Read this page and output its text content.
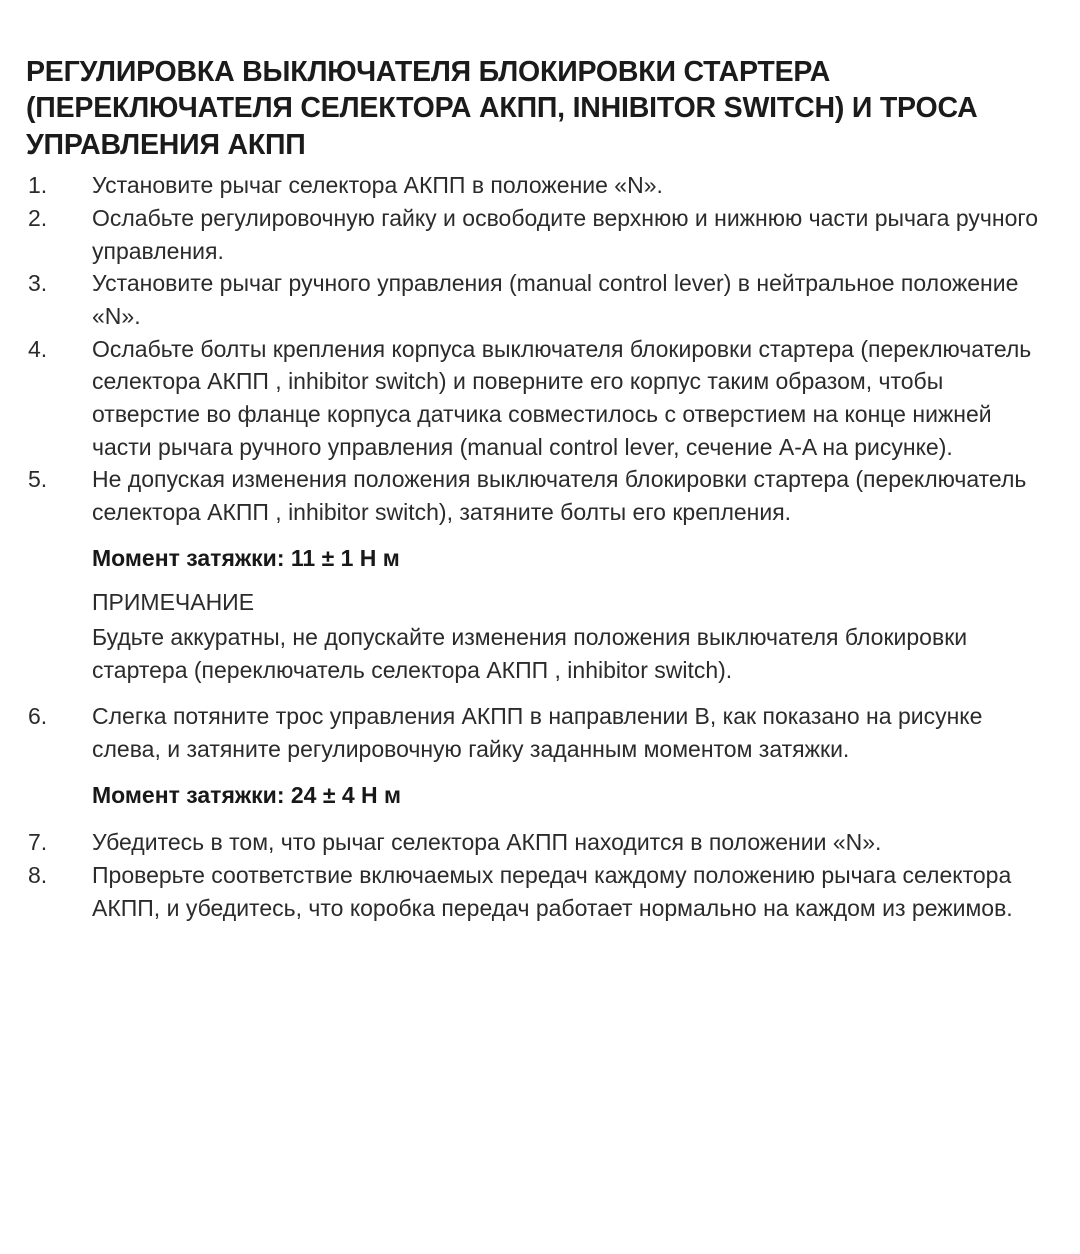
РЕГУЛИРОВКА ВЫКЛЮЧАТЕЛЯ БЛОКИРОВКИ СТАРТЕРА (ПЕРЕКЛЮЧАТЕЛЯ СЕЛЕКТОРА АКПП, INHIBITOR SWITCH) И ТРОСА УПРАВЛЕНИЯ АКПП
1.	Установите рычаг селектора АКПП в положение «N».
2.	Ослабьте регулировочную гайку и освободите верхнюю и нижнюю части рычага ручного управления.
3.	Установите рычаг ручного управления (manual control lever) в нейтральное положение «N».
4.	Ослабьте болты крепления корпуса выключателя блокировки стартера (переключатель селектора АКПП , inhibitor switch) и поверните его корпус таким образом, чтобы отверстие во фланце корпуса датчика совместилось с отверстием на конце нижней части рычага ручного управления (manual control lever, сечение A-A на рисунке).
5.	Не допуская изменения положения выключателя блокировки стартера (переключатель селектора АКПП , inhibitor switch), затяните болты его крепления.
Момент затяжки: 11 ± 1 Н м
ПРИМЕЧАНИЕ
Будьте аккуратны, не допускайте изменения положения выключателя блокировки стартера (переключатель селектора АКПП , inhibitor switch).
6.	Слегка потяните трос управления АКПП в направлении В, как показано на рисунке слева, и затяните регулировочную гайку заданным моментом затяжки.
Момент затяжки: 24 ± 4 Н м
7.	Убедитесь в том, что рычаг селектора АКПП находится в положении «N».
8.	Проверьте соответствие включаемых передач каждому положению рычага селектора АКПП, и убедитесь, что коробка передач работает нормально на каждом из режимов.
